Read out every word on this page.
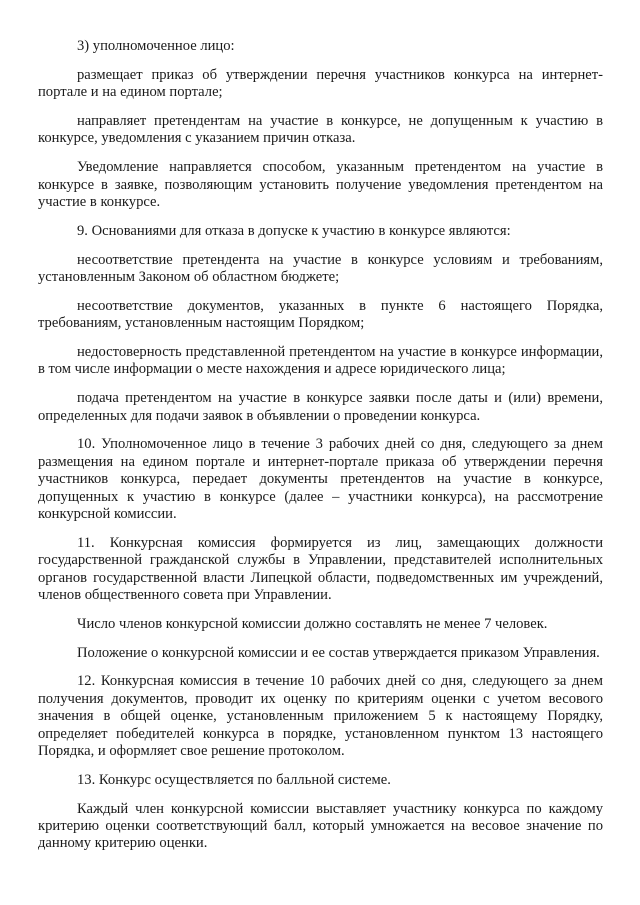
3) уполномоченное лицо:

размещает приказ об утверждении перечня участников конкурса на интернет-портале и на едином портале;

направляет претендентам на участие в конкурсе, не допущенным к участию в конкурсе, уведомления с указанием причин отказа.

Уведомление направляется способом, указанным претендентом на участие в конкурсе в заявке, позволяющим установить получение уведомления претендентом на участие в конкурсе.

9. Основаниями для отказа в допуске к участию в конкурсе являются:

несоответствие претендента на участие в конкурсе условиям и требованиям, установленным Законом об областном бюджете;

несоответствие документов, указанных в пункте 6 настоящего Порядка, требованиям, установленным настоящим Порядком;

недостоверность представленной претендентом на участие в конкурсе информации, в том числе информации о месте нахождения и адресе юридического лица;

подача претендентом на участие в конкурсе заявки после даты и (или) времени, определенных для подачи заявок в объявлении о проведении конкурса.

10. Уполномоченное лицо в течение 3 рабочих дней со дня, следующего за днем размещения на едином портале и интернет-портале приказа об утверждении перечня участников конкурса, передает документы претендентов на участие в конкурсе, допущенных к участию в конкурсе (далее – участники конкурса), на рассмотрение конкурсной комиссии.

11. Конкурсная комиссия формируется из лиц, замещающих должности государственной гражданской службы в Управлении, представителей исполнительных органов государственной власти Липецкой области, подведомственных им учреждений, членов общественного совета при Управлении.

Число членов конкурсной комиссии должно составлять не менее 7 человек.

Положение о конкурсной комиссии и ее состав утверждается приказом Управления.

12. Конкурсная комиссия в течение 10 рабочих дней со дня, следующего за днем получения документов, проводит их оценку по критериям оценки с учетом весового значения в общей оценке, установленным приложением 5 к настоящему Порядку, определяет победителей конкурса в порядке, установленном пунктом 13 настоящего Порядка, и оформляет свое решение протоколом.

13. Конкурс осуществляется по балльной системе.

Каждый член конкурсной комиссии выставляет участнику конкурса по каждому критерию оценки соответствующий балл, который умножается на весовое значение по данному критерию оценки.
